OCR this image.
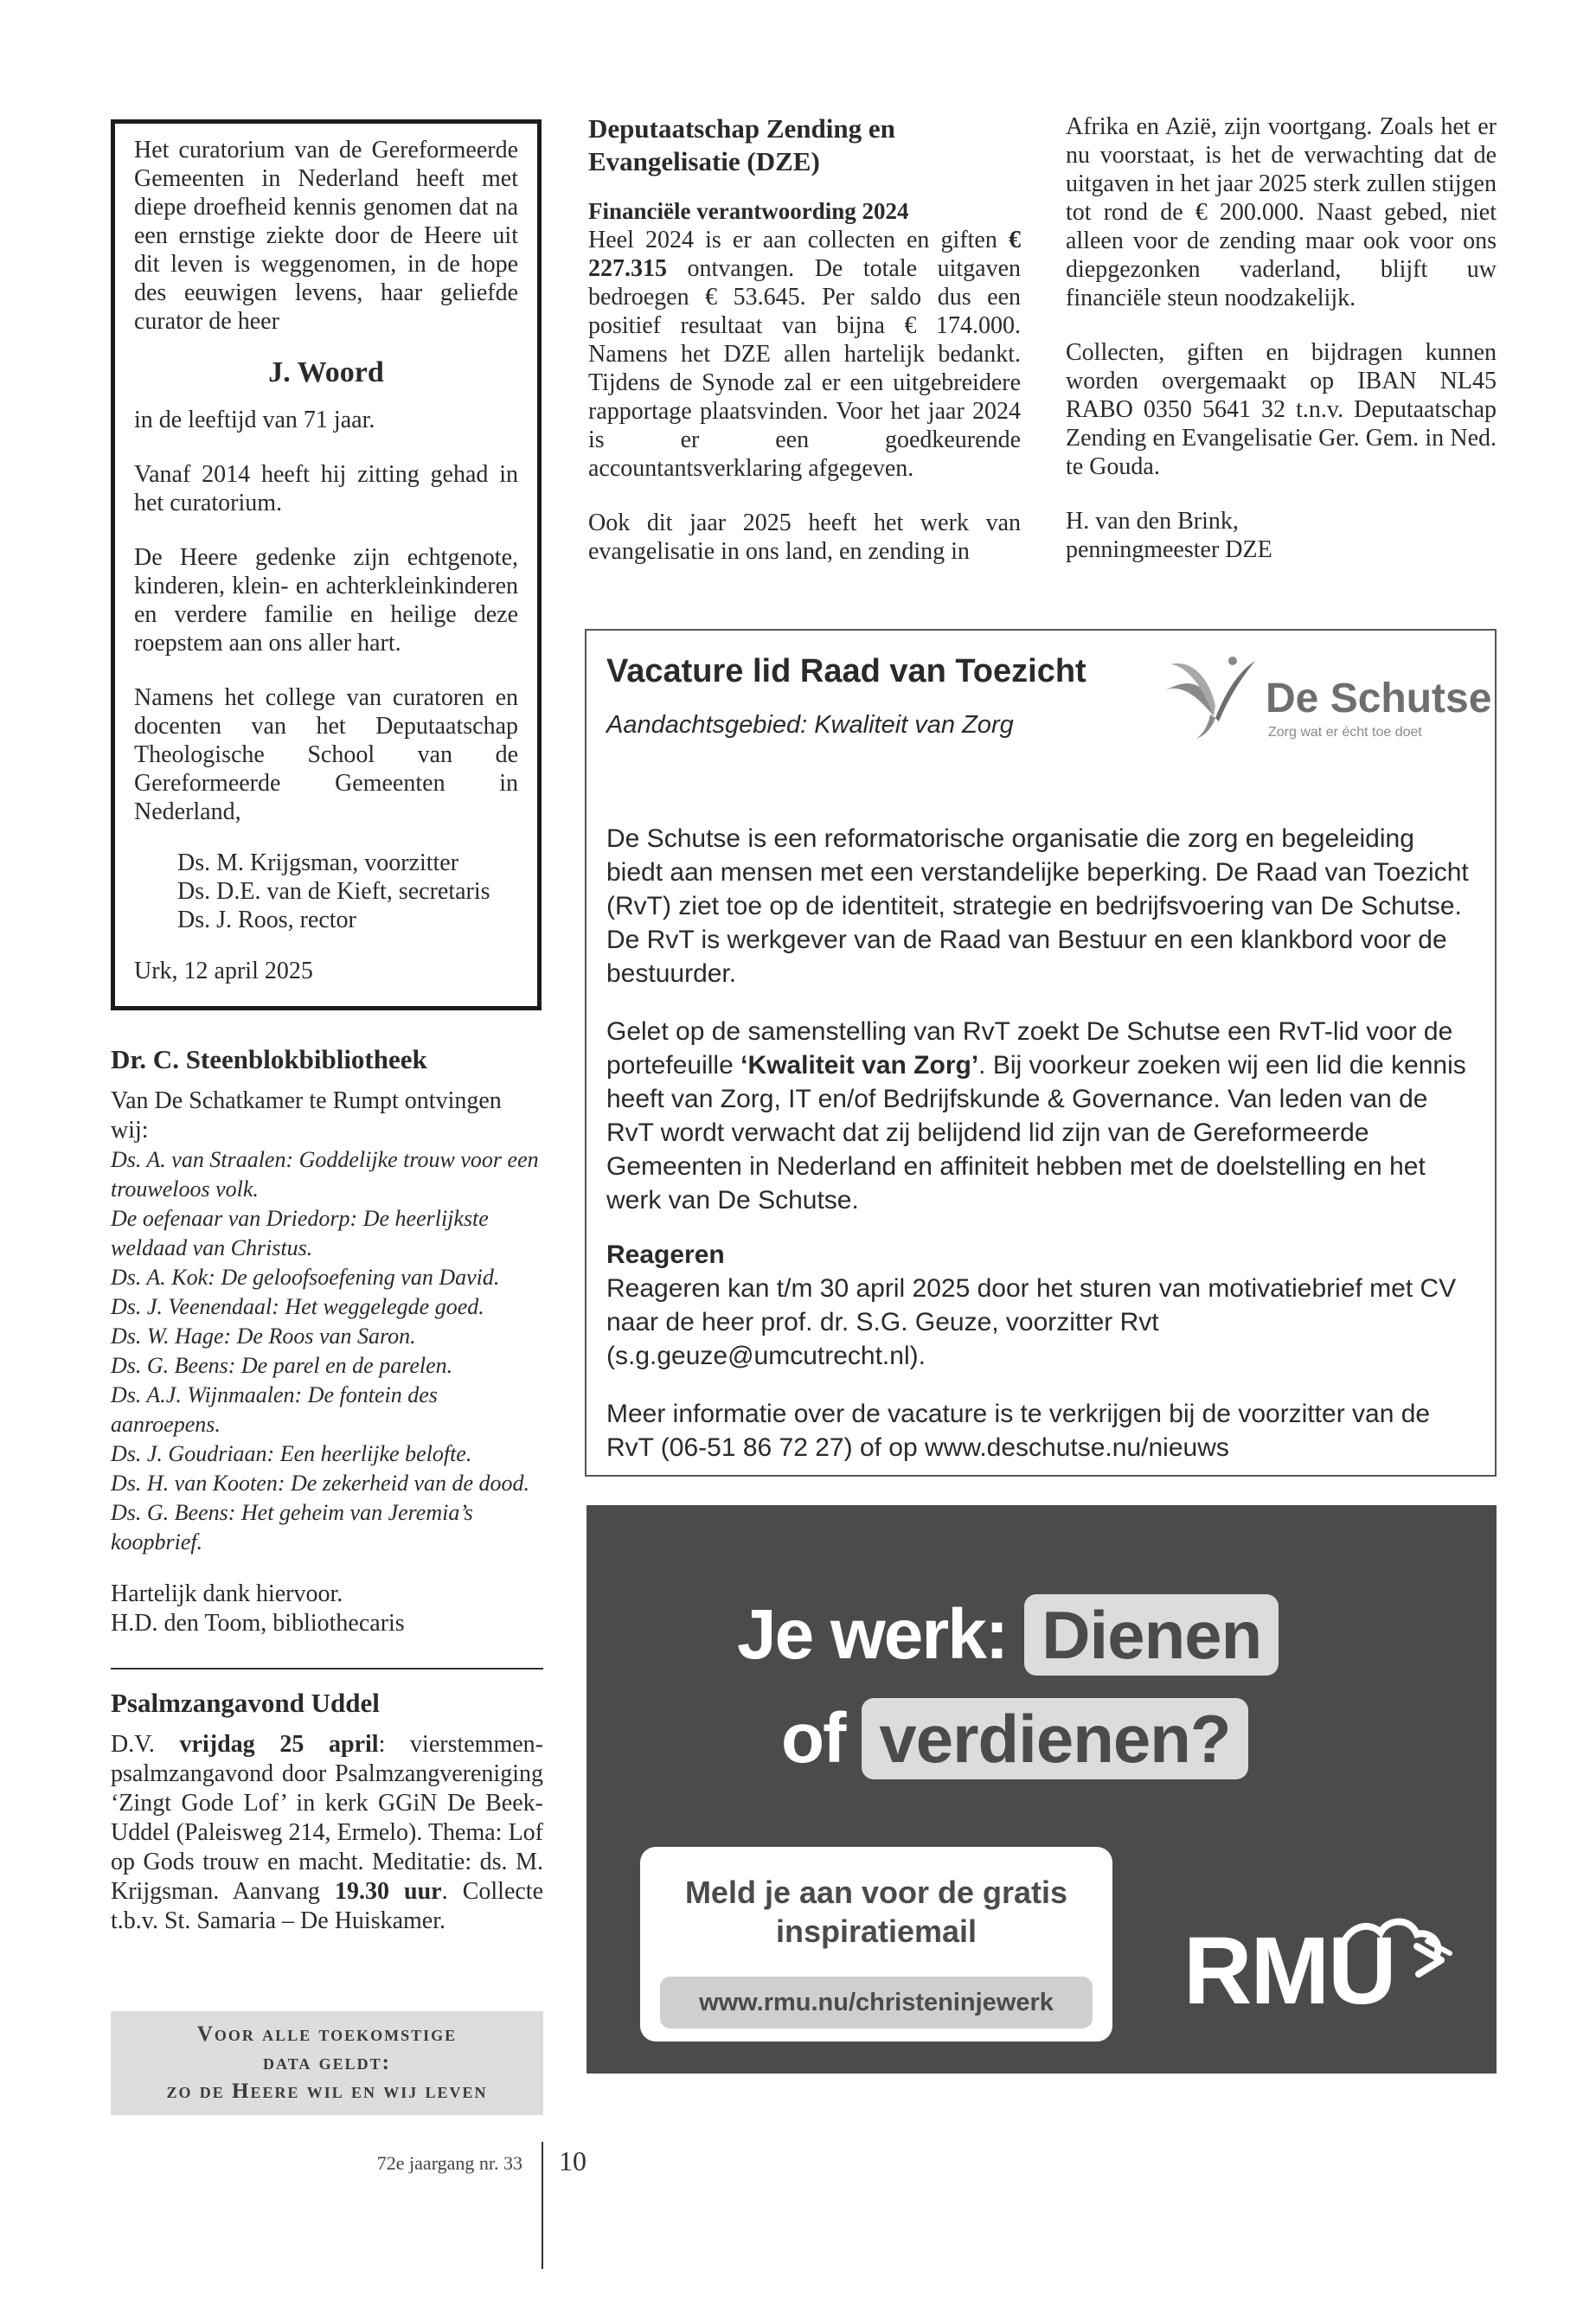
Het curatorium van de Gereformeerde Gemeenten in Nederland heeft met diepe droefheid kennis genomen dat na een ernstige ziekte door de Heere uit dit leven is weggenomen, in de hope des eeuwigen levens, haar geliefde curator de heer

J. Woord

in de leeftijd van 71 jaar.

Vanaf 2014 heeft hij zitting gehad in het curatorium.

De Heere gedenke zijn echtgenote, kinderen, klein- en achterkleinkinderen en verdere familie en heilige deze roepstem aan ons aller hart.

Namens het college van curatoren en docenten van het Deputaatschap Theologische School van de Gereformeerde Gemeenten in Nederland,

Ds. M. Krijgsman, voorzitter
Ds. D.E. van de Kieft, secretaris
Ds. J. Roos, rector

Urk, 12 april 2025

Dr. C. Steenblokbibliotheek
Van De Schatkamer te Rumpt ontvingen wij:
Ds. A. van Straalen: Goddelijke trouw voor een trouweloos volk.
De oefenaar van Driedorp: De heerlijkste weldaad van Christus.
Ds. A. Kok: De geloofsoefening van David.
Ds. J. Veenendaal: Het weggelegde goed.
Ds. W. Hage: De Roos van Saron.
Ds. G. Beens: De parel en de parelen.
Ds. A.J. Wijnmaalen: De fontein des aanroepens.
Ds. J. Goudriaan: Een heerlijke belofte.
Ds. H. van Kooten: De zekerheid van de dood.
Ds. G. Beens: Het geheim van Jeremia’s koopbrief.
Hartelijk dank hiervoor.
H.D. den Toom, bibliothecaris
Psalmzangavond Uddel
D.V. vrijdag 25 april: vierstemmen-psalmzangavond door Psalmzangvereniging ‘Zingt Gode Lof’ in kerk GGiN De Beek-Uddel (Paleisweg 214, Ermelo). Thema: Lof op Gods trouw en macht. Meditatie: ds. M. Krijgsman. Aanvang 19.30 uur. Collecte t.b.v. St. Samaria – De Huiskamer.
Voor alle toekomstige
data geldt:
zo de Heere wil en wij leven
Deputaatschap Zending en Evangelisatie (DZE)
Financiële verantwoording 2024

Heel 2024 is er aan collecten en giften € 227.315 ontvangen. De totale uitgaven bedroegen € 53.645. Per saldo dus een positief resultaat van bijna € 174.000. Namens het DZE allen hartelijk bedankt. Tijdens de Synode zal er een uitgebreidere rapportage plaatsvinden. Voor het jaar 2024 is er een goedkeurende accountantsverklaring afgegeven.

Ook dit jaar 2025 heeft het werk van evangelisatie in ons land, en zending in

Afrika en Azië, zijn voortgang. Zoals het er nu voorstaat, is het de verwachting dat de uitgaven in het jaar 2025 sterk zullen stijgen tot rond de € 200.000. Naast gebed, niet alleen voor de zending maar ook voor ons diepgezonken vaderland, blijft uw financiële steun noodzakelijk.

Collecten, giften en bijdragen kunnen worden overgemaakt op IBAN NL45 RABO 0350 5641 32 t.n.v. Deputaatschap Zending en Evangelisatie Ger. Gem. in Ned. te Gouda.

H. van den Brink,

penningmeester DZE

Vacature lid Raad van Toezicht
Aandachtsgebied: Kwaliteit van Zorg
De Schutse
Zorg wat er écht toe doet

De Schutse is een reformatorische organisatie die zorg en begeleiding biedt aan mensen met een verstandelijke beperking. De Raad van Toezicht (RvT) ziet toe op de identiteit, strategie en bedrijfsvoering van De Schutse. De RvT is werkgever van de Raad van Bestuur en een klankbord voor de bestuurder.

Gelet op de samenstelling van RvT zoekt De Schutse een RvT-lid voor de portefeuille ‘Kwaliteit van Zorg’. Bij voorkeur zoeken wij een lid die kennis heeft van Zorg, IT en/of Bedrijfskunde & Governance. Van leden van de RvT wordt verwacht dat zij belijdend lid zijn van de Gereformeerde Gemeenten in Nederland en affiniteit hebben met de doelstelling en het werk van De Schutse.

Reageren

Reageren kan t/m 30 april 2025 door het sturen van motivatiebrief met CV naar de heer prof. dr. S.G. Geuze, voorzitter Rvt (s.g.geuze@umcutrecht.nl).

Meer informatie over de vacature is te verkrijgen bij de voorzitter van de RvT (06-51 86 72 27) of op www.deschutse.nu/nieuws

Je werk: Dienen
of verdienen?
Meld je aan voor de gratis inspiratiemail
www.rmu.nu/christeninjewerk	RMU
72e jaargang nr. 33 10
